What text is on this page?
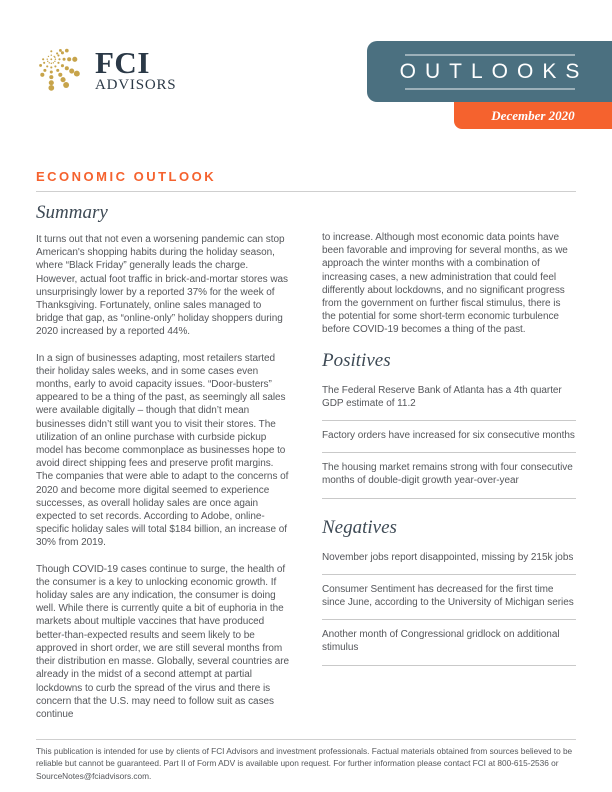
FCI
ADVISORS
OUTLOOKS
December 2020
ECONOMIC OUTLOOK
Summary

It turns out that not even a worsening pandemic can stop American's shopping habits during the holiday season, where “Black Friday” generally leads the charge. However, actual foot traffic in brick-and-mortar stores was unsurprisingly lower by a reported 37% for the week of Thanksgiving. Fortunately, online sales managed to bridge that gap, as “online-only” holiday shoppers during 2020 increased by a reported 44%.

In a sign of businesses adapting, most retailers started their holiday sales weeks, and in some cases even months, early to avoid capacity issues. “Door-busters” appeared to be a thing of the past, as seemingly all sales were available digitally – though that didn’t mean businesses didn’t still want you to visit their stores. The utilization of an online purchase with curbside pickup model has become commonplace as businesses hope to avoid direct shipping fees and preserve profit margins. The companies that were able to adapt to the concerns of 2020 and become more digital seemed to experience successes, as overall holiday sales are once again expected to set records. According to Adobe, online-specific holiday sales will total $184 billion, an increase of 30% from 2019.

Though COVID-19 cases continue to surge, the health of the consumer is a key to unlocking economic growth. If holiday sales are any indication, the consumer is doing well. While there is currently quite a bit of euphoria in the markets about multiple vaccines that have produced better-than-expected results and seem likely to be approved in short order, we are still several months from their distribution en masse. Globally, several countries are already in the midst of a second attempt at partial lockdowns to curb the spread of the virus and there is concern that the U.S. may need to follow suit as cases continue

to increase. Although most economic data points have been favorable and improving for several months, as we approach the winter months with a combination of increasing cases, a new administration that could feel differently about lockdowns, and no significant progress from the government on further fiscal stimulus, there is the potential for some short-term economic turbulence before COVID-19 becomes a thing of the past.

Positives
The Federal Reserve Bank of Atlanta has a 4th quarter GDP estimate of 11.2
Factory orders have increased for six consecutive months
The housing market remains strong with four consecutive months of double-digit growth year-over-year
Negatives
November jobs report disappointed, missing by 215k jobs
Consumer Sentiment has decreased for the first time since June, according to the University of Michigan series
Another month of Congressional gridlock on additional stimulus

This publication is intended for use by clients of FCI Advisors and investment professionals. Factual materials obtained from sources believed to be reliable but cannot be guaranteed. Part II of Form ADV is available upon request. For further information please contact FCI at 800-615-2536 or SourceNotes@fciadvisors.com.
